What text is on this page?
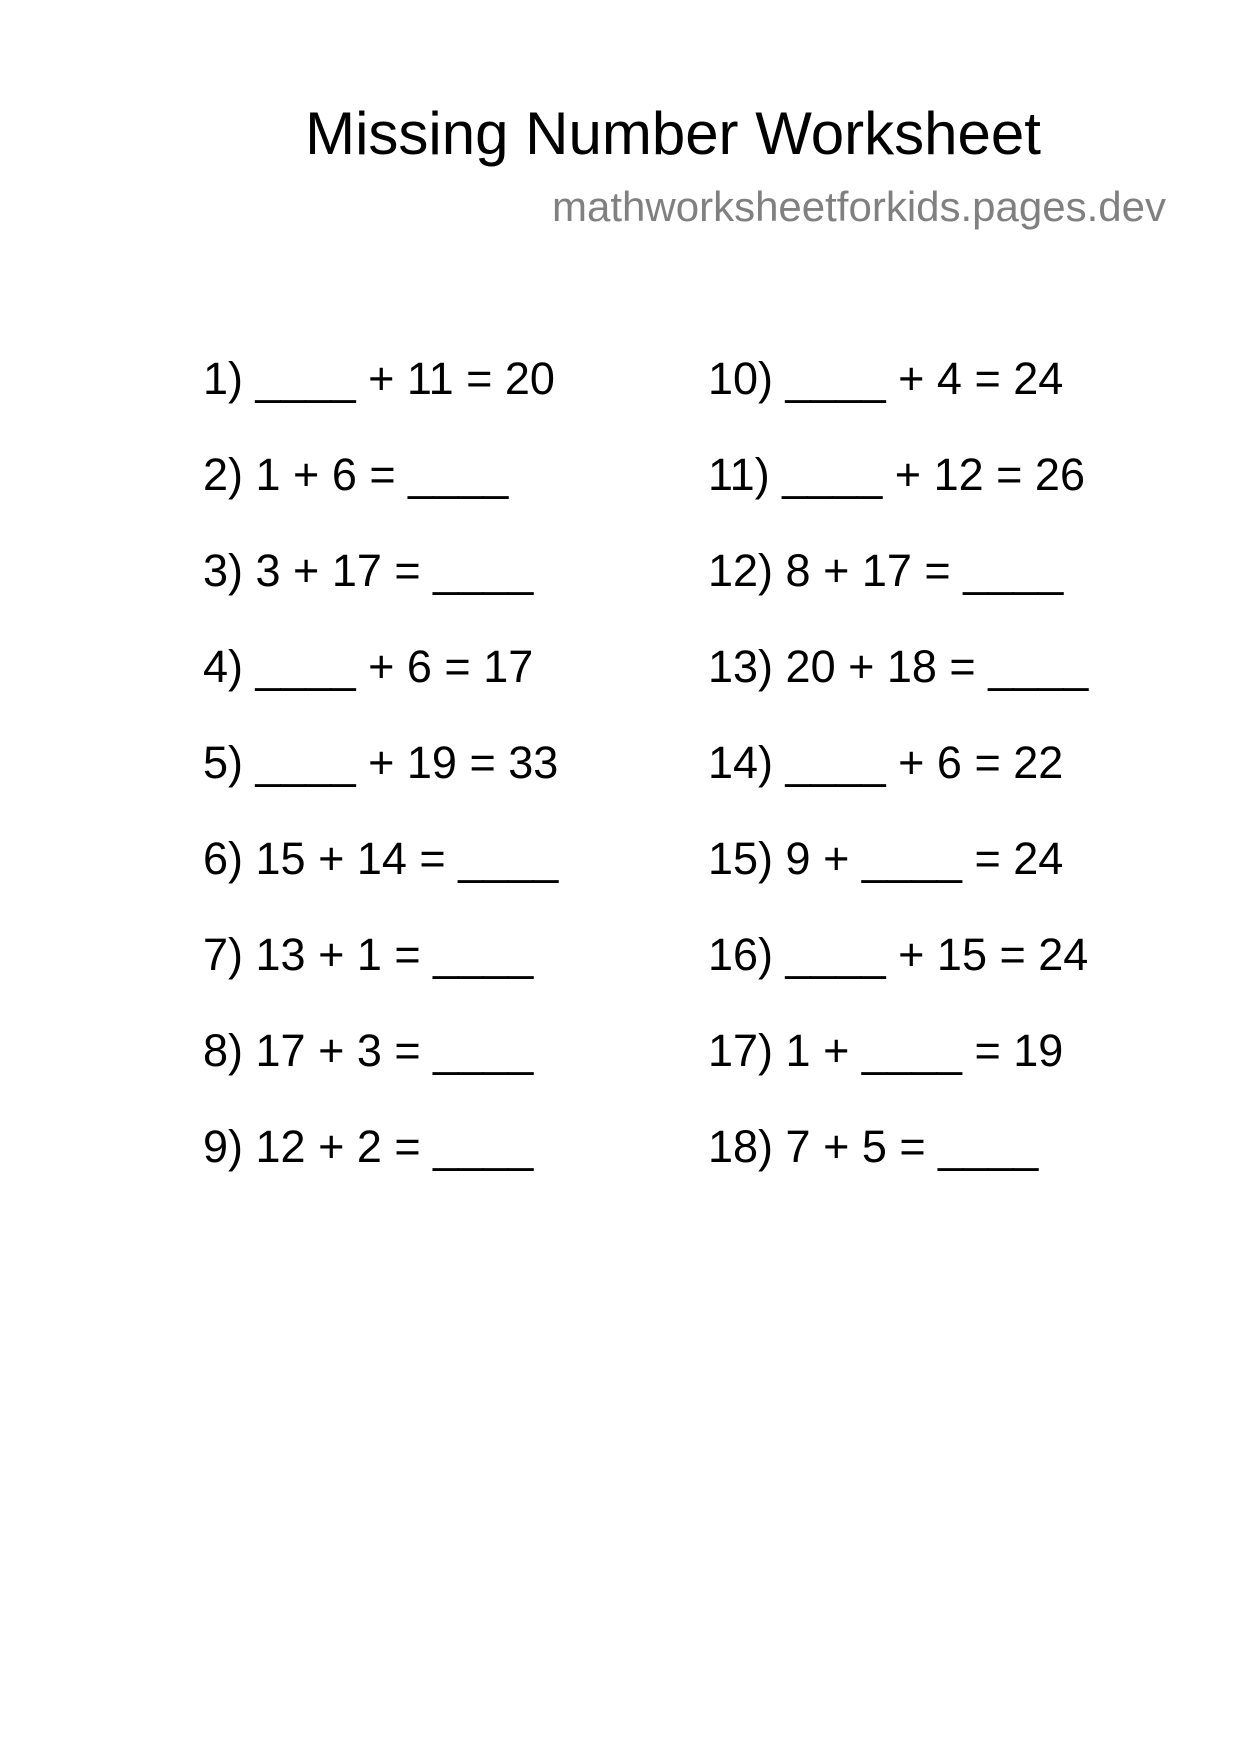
Missing Number Worksheet
mathworksheetforkids.pages.dev
1) ____ + 11 = 20
2) 1 + 6 = ____
3) 3 + 17 = ____
4) ____ + 6 = 17
5) ____ + 19 = 33
6) 15 + 14 = ____
7) 13 + 1 = ____
8) 17 + 3 = ____
9) 12 + 2 = ____
10) ____ + 4 = 24
11) ____ + 12 = 26
12) 8 + 17 = ____
13) 20 + 18 = ____
14) ____ + 6 = 22
15) 9 + ____ = 24
16) ____ + 15 = 24
17) 1 + ____ = 19
18) 7 + 5 = ____
